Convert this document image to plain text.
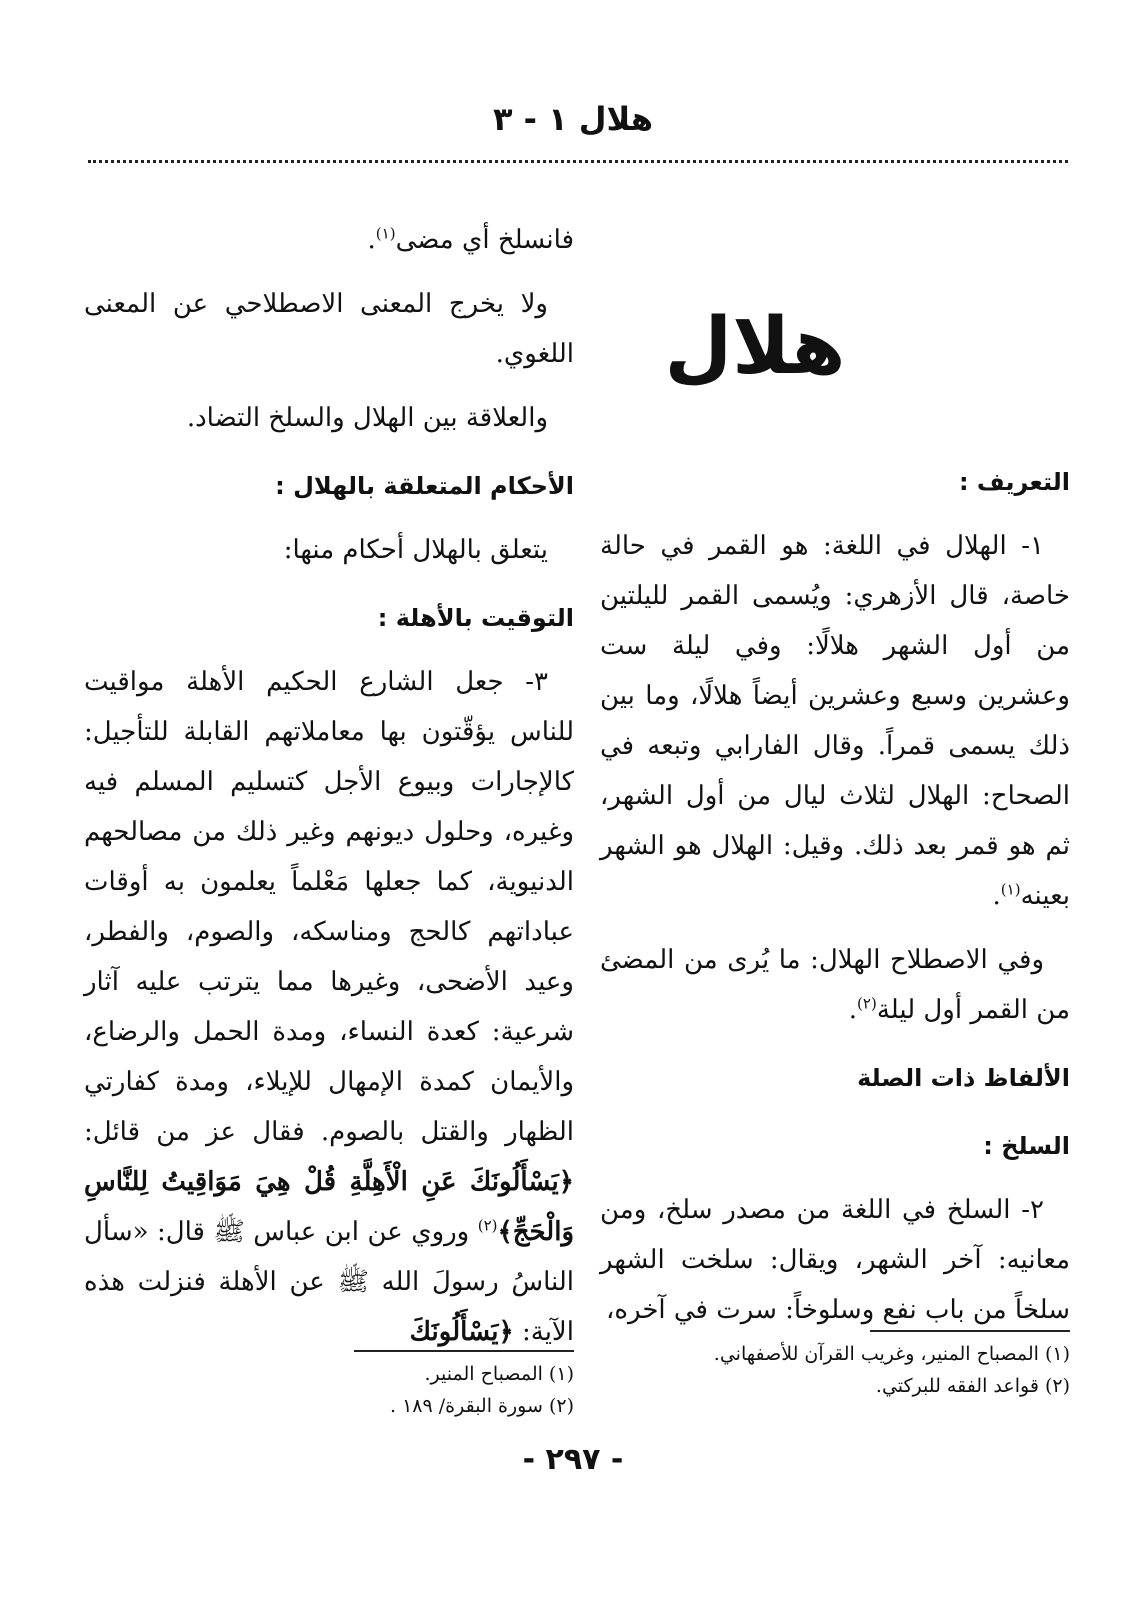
هلال ١ - ٣

هلال

التعريف :

١- الهلال في اللغة: هو القمر في حالة خاصة، قال الأزهري: ويُسمى القمر لليلتين من أول الشهر هلالًا: وفي ليلة ست وعشرين وسبع وعشرين أيضاً هلالًا، وما بين ذلك يسمى قمراً. وقال الفارابي وتبعه في الصحاح: الهلال لثلاث ليال من أول الشهر، ثم هو قمر بعد ذلك. وقيل: الهلال هو الشهر بعينه$^{(١)}$.

وفي الاصطلاح الهلال: ما يُرى من المضئ من القمر أول ليلة$^{(٢)}$.

الألفاظ ذات الصلة

السلخ :

٢- السلخ في اللغة من مصدر سلخ، ومن معانيه: آخر الشهر، ويقال: سلخت الشهر سلخاً من باب نفع وسلوخاً: سرت في آخره،

فانسلخ أي مضى$^{(١)}$.

ولا يخرج المعنى الاصطلاحي عن المعنى اللغوي.

والعلاقة بين الهلال والسلخ التضاد.

الأحكام المتعلقة بالهلال :

يتعلق بالهلال أحكام منها:

التوقيت بالأهلة :

٣- جعل الشارع الحكيم الأهلة مواقيت للناس يؤقّتون بها معاملاتهم القابلة للتأجيل: كالإجارات وبيوع الأجل كتسليم المسلم فيه وغيره، وحلول ديونهم وغير ذلك من مصالحهم الدنيوية، كما جعلها مَعْلماً يعلمون به أوقات عباداتهم كالحج ومناسكه، والصوم، والفطر، وعيد الأضحى، وغيرها مما يترتب عليه آثار شرعية: كعدة النساء، ومدة الحمل والرضاع، والأيمان كمدة الإمهال للإيلاء، ومدة كفارتي الظهار والقتل بالصوم. فقال عز من قائل: ﴿يَسْأَلُونَكَ عَنِ الْأَهِلَّةِ قُلْ هِيَ مَوَاقِيتُ لِلنَّاسِ وَالْحَجِّ﴾$^{(٢)}$ وروي عن ابن عباس ﷺ قال: «سأل الناسُ رسولَ الله ﷺ عن الأهلة فنزلت هذه الآية: ﴿يَسْأَلُونَكَ

(١) المصباح المنير، وغريب القرآن للأصفهاني.
(٢) قواعد الفقه للبركتي.
(١) المصباح المنير.
(٢) سورة البقرة/ ١٨٩ .
- ٢٩٧ -
